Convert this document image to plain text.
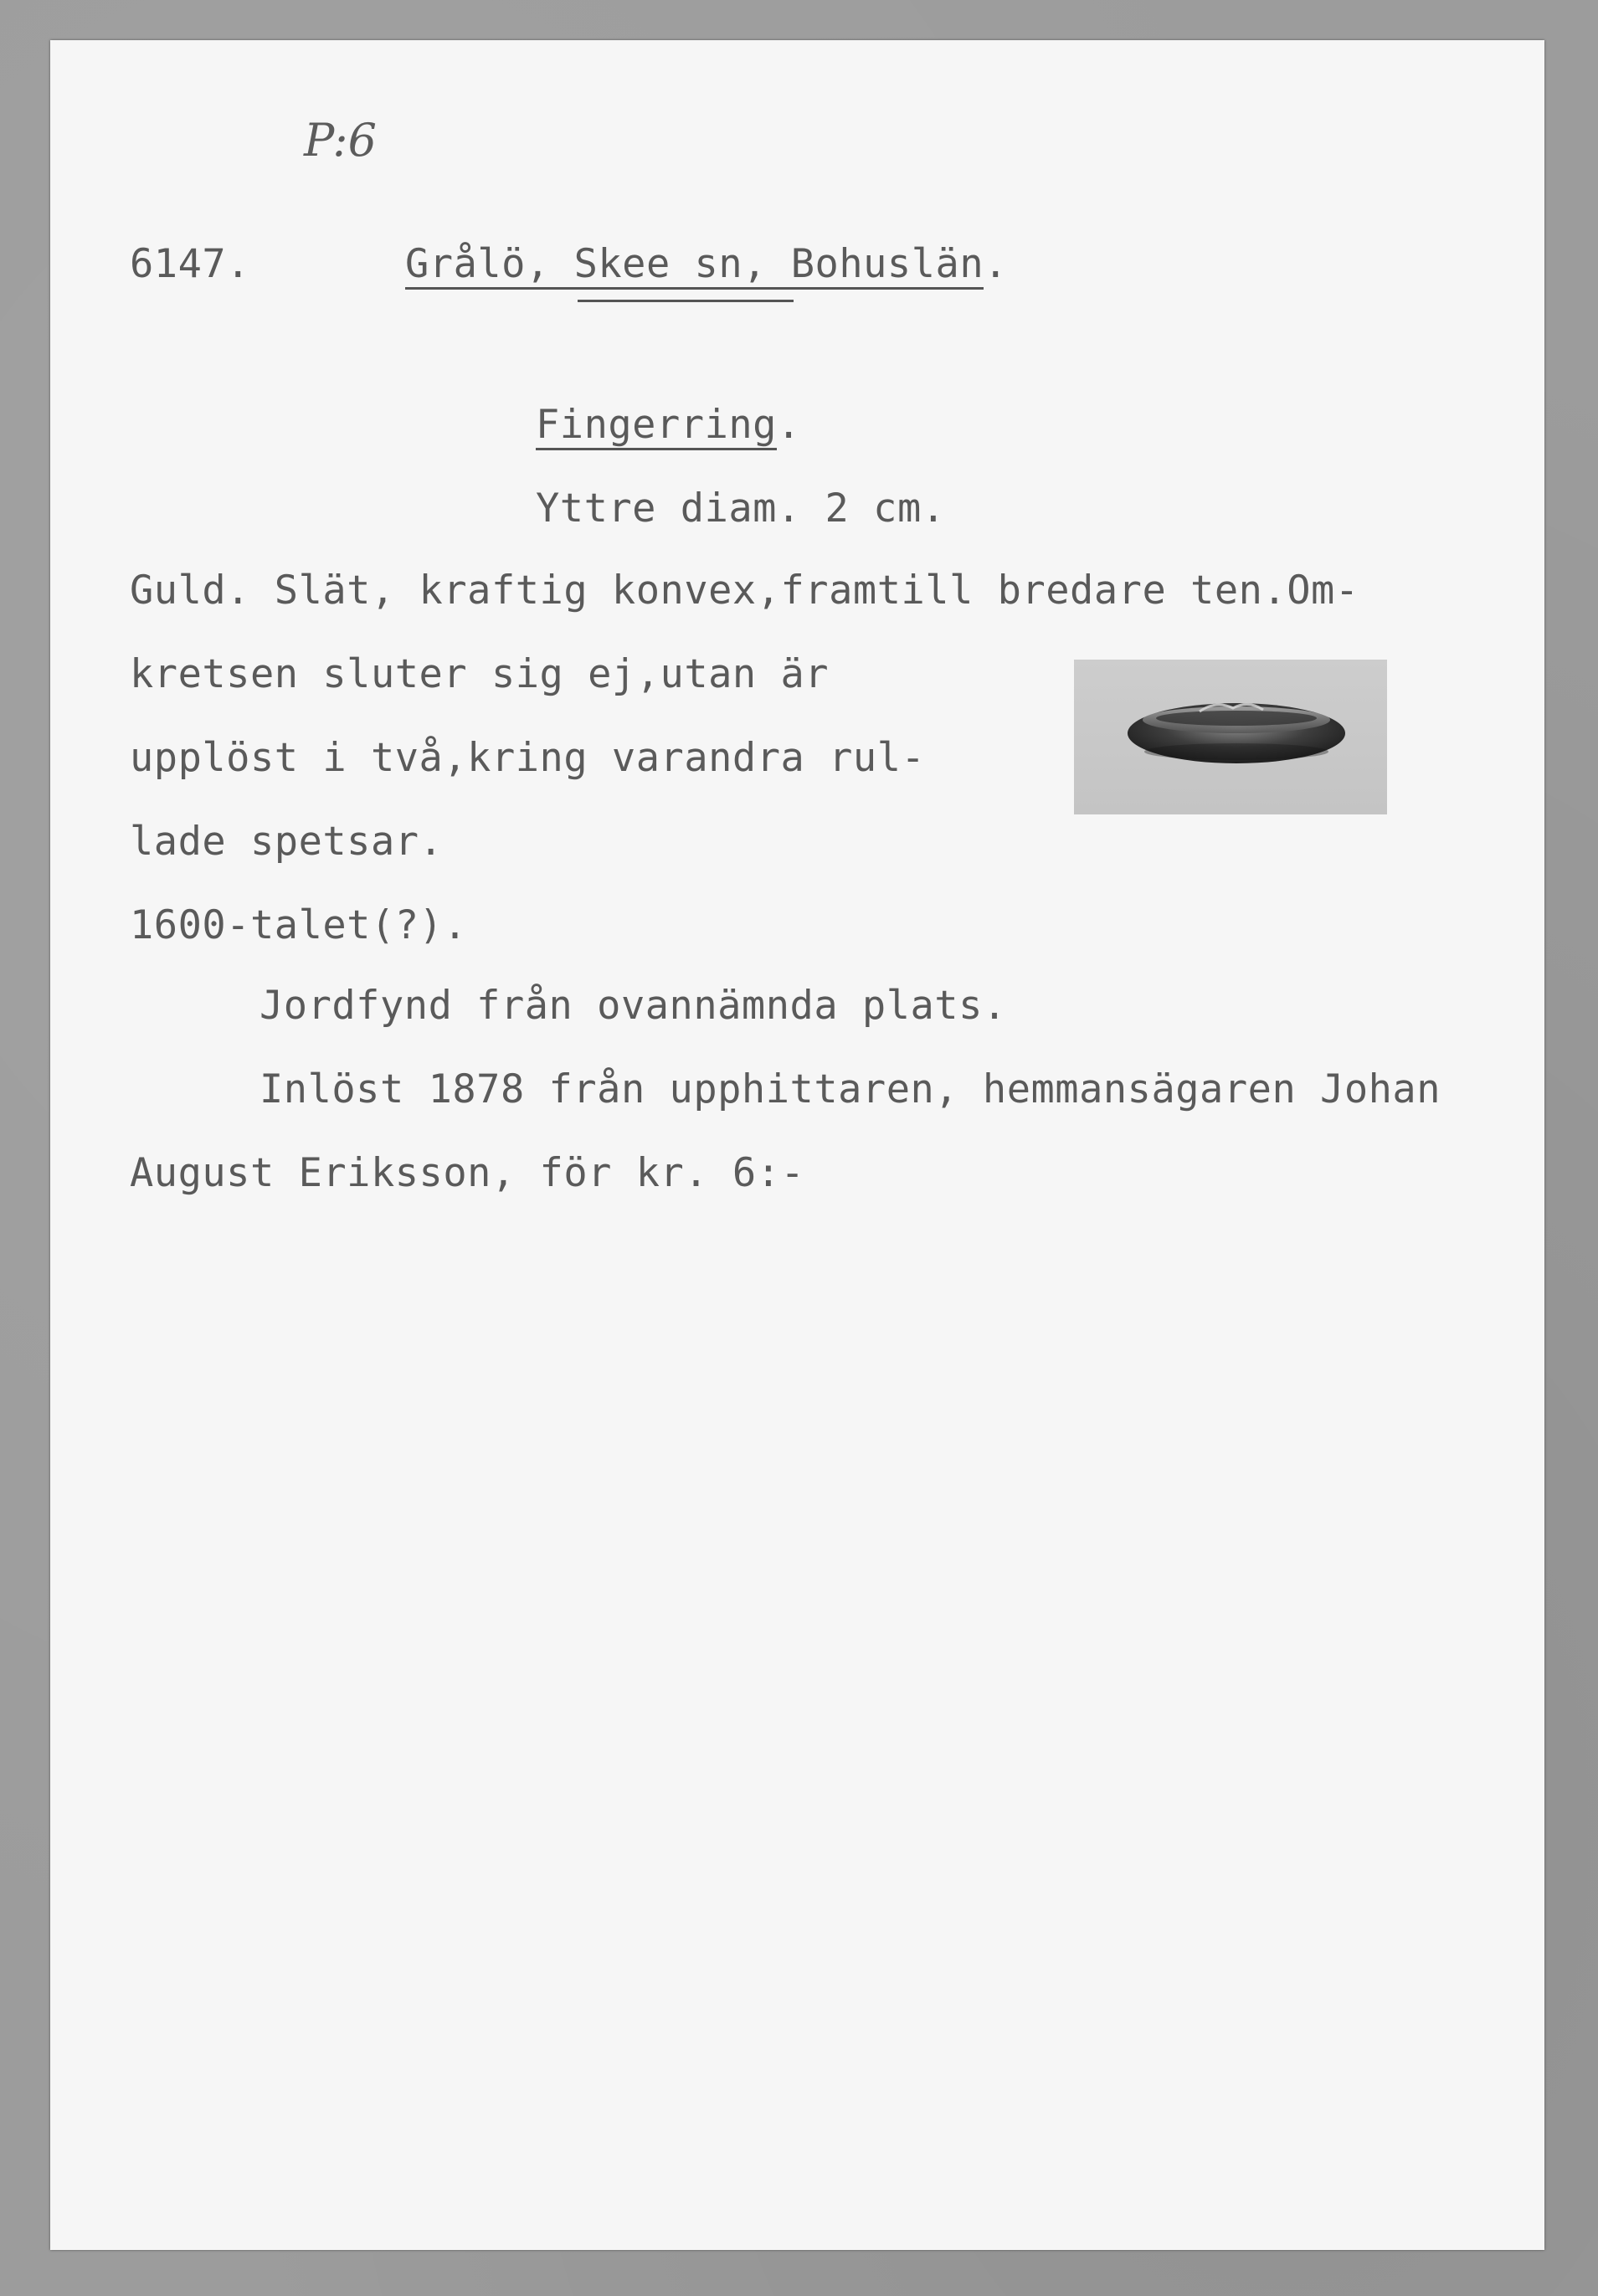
P:6
6147.	Grålö, Skee sn, Bohuslän.
Fingerring.
Yttre diam. 2 cm.
Guld. Slät, kraftig konvex,framtill bredare ten.Om-
kretsen sluter sig ej,utan är
upplöst i två,kring varandra rul-
lade spetsar.
1600-talet(?).
Jordfynd från ovannämnda plats.
Inlöst 1878 från upphittaren, hemmansägaren Johan
August Eriksson, för kr. 6:-
